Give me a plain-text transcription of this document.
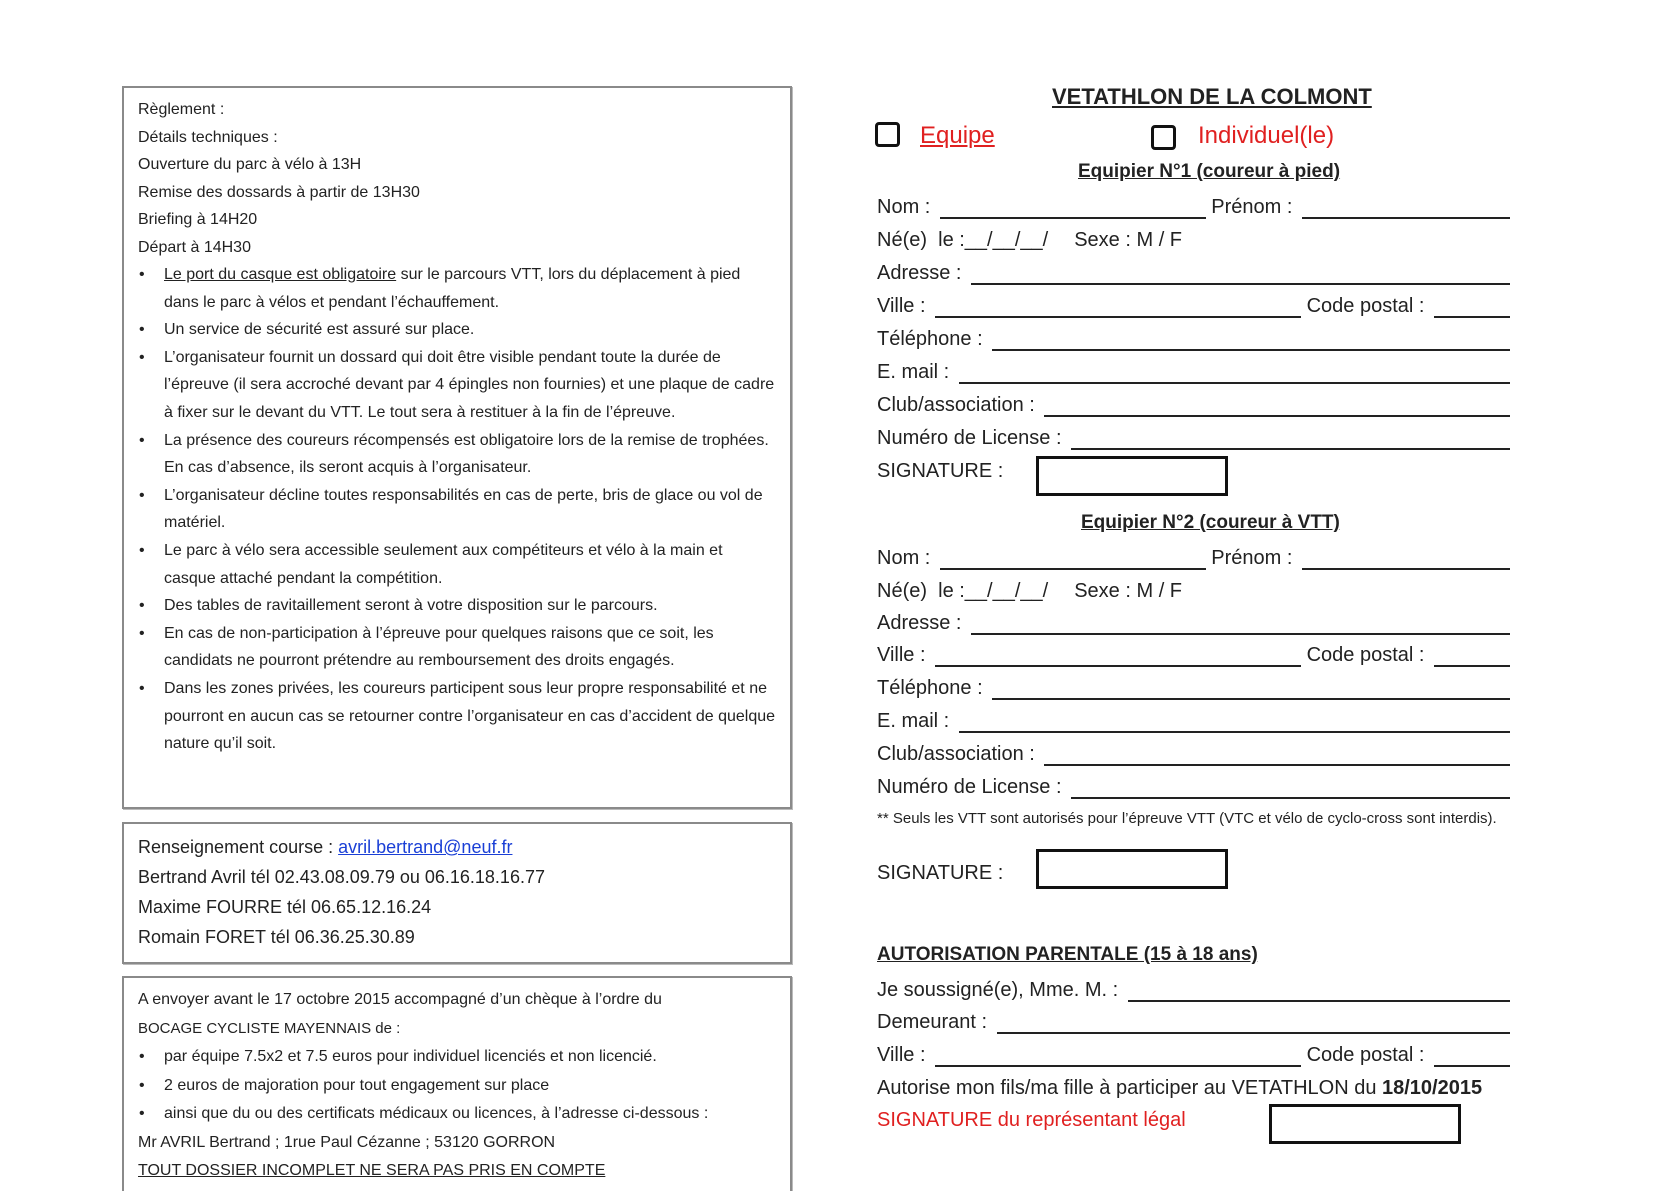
Règlement :

Détails techniques :

Ouverture du parc à vélo à 13H

Remise des dossards à partir de 13H30

Briefing à 14H20

Départ à 14H30

• Le port du casque est obligatoire sur le parcours VTT, lors du déplacement à pied dans le parc à vélos et pendant l’échauffement.
• Un service de sécurité est assuré sur place.
• L’organisateur fournit un dossard qui doit être visible pendant toute la durée de l’épreuve (il sera accroché devant par 4 épingles non fournies) et une plaque de cadre à fixer sur le devant du VTT. Le tout sera à restituer à la fin de l’épreuve.
• La présence des coureurs récompensés est obligatoire lors de la remise de trophées. En cas d’absence, ils seront acquis à l’organisateur.
• L’organisateur décline toutes responsabilités en cas de perte, bris de glace ou vol de matériel.
• Le parc à vélo sera accessible seulement aux compétiteurs et vélo à la main et casque attaché pendant la compétition.
• Des tables de ravitaillement seront à votre disposition sur le parcours.
• En cas de non-participation à l’épreuve pour quelques raisons que ce soit, les candidats ne pourront prétendre au remboursement des droits engagés.
• Dans les zones privées, les coureurs participent sous leur propre responsabilité et ne pourront en aucun cas se retourner contre l’organisateur en cas d’accident de quelque nature qu’il soit.

Renseignement course : avril.bertrand@neuf.fr

Bertrand Avril tél 02.43.08.09.79 ou 06.16.18.16.77

Maxime FOURRE tél 06.65.12.16.24

Romain FORET tél 06.36.25.30.89

A envoyer avant le 17 octobre 2015 accompagné d’un chèque à l’ordre du

BOCAGE CYCLISTE MAYENNAIS de :

• par équipe 7.5x2 et 7.5 euros pour individuel licenciés et non licencié.
• 2 euros de majoration pour tout engagement sur place
• ainsi que du ou des certificats médicaux ou licences, à l’adresse ci-dessous :

Mr AVRIL Bertrand ; 1rue Paul Cézanne ; 53120 GORRON

TOUT DOSSIER INCOMPLET NE SERA PAS PRIS EN COMPTE

VETATHLON DE LA COLMONT
Equipe	Individuel(le)
Equipier N°1 (coureur à pied)
Nom :	Prénom :
Né(e)  le :__/__/__/ Sexe : M / F
Adresse :
Ville :	Code postal :
Téléphone :
E. mail :
Club/association :
Numéro de License :
SIGNATURE :
Equipier N°2 (coureur à VTT)
Nom :	Prénom :
Né(e)  le :__/__/__/ Sexe : M / F
Adresse :
Ville :	Code postal :
Téléphone :
E. mail :
Club/association :
Numéro de License :
** Seuls les VTT sont autorisés pour l’épreuve VTT (VTC et vélo de cyclo-cross sont interdis).
SIGNATURE :
AUTORISATION PARENTALE (15 à 18 ans)
Je soussigné(e), Mme. M. :
Demeurant :
Ville :	Code postal :
Autorise mon fils/ma fille à participer au VETATHLON du 18/10/2015
SIGNATURE du représentant légal
